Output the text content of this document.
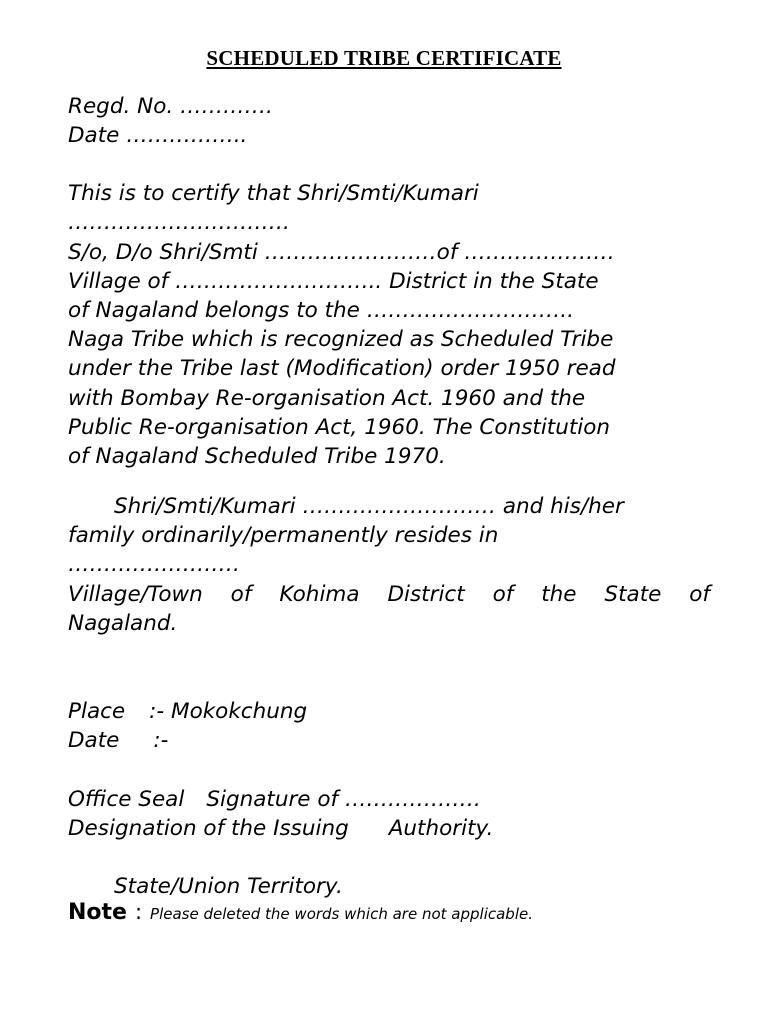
SCHEDULED TRIBE CERTIFICATE
Regd. No. ………….
Date ……………..
This is to certify that Shri/Smti/Kumari
………………………….
S/o, D/o Shri/Smti ……………………of …………………
Village of ……………………….. District in the State
of Nagaland belongs to the ………………………..
Naga Tribe which is recognized as Scheduled Tribe
under the Tribe last (Modification) order 1950 read
with Bombay Re-organisation Act. 1960 and the
Public Re-organisation Act, 1960. The Constitution
of Nagaland Scheduled Tribe 1970.
Shri/Smti/Kumari ……………………… and his/her
family ordinarily/permanently resides in
……………………
Village/Town of Kohima District of the State of
Nagaland.
Place :- Mokokchung
Date :-
Office Seal Signature of ……………….
Designation of the Issuing Authority.
State/Union Territory.
Note : Please deleted the words which are not applicable.
